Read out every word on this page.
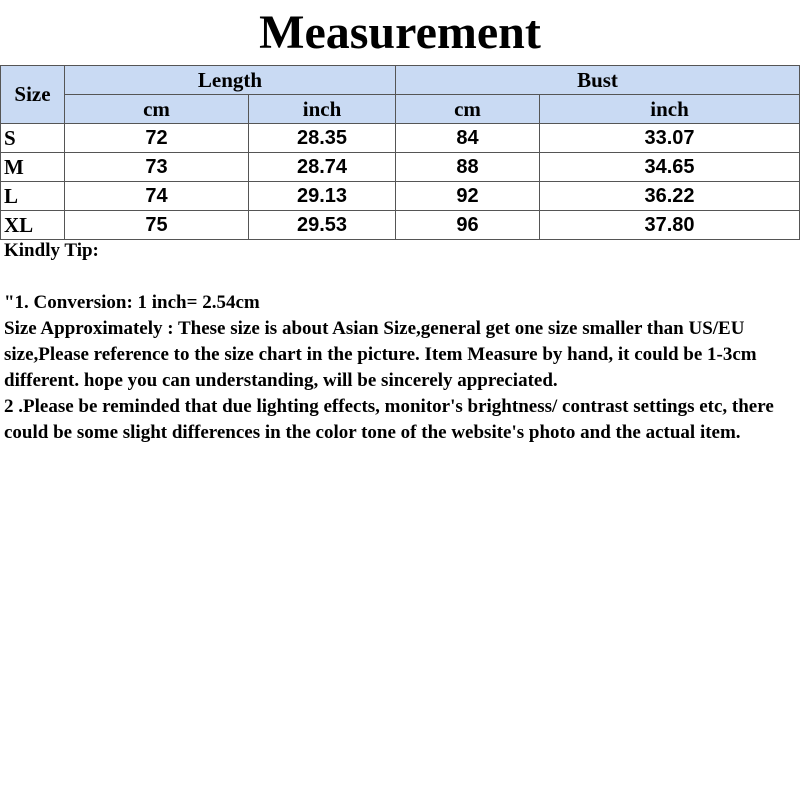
Measurement
Size	Length		Bust	
	cm	inch	cm	inch
S	72	28.35	84	33.07
M	73	28.74	88	34.65
L	74	29.13	92	36.22
XL	75	29.53	96	37.80

Kindly Tip:

"1. Conversion: 1 inch= 2.54cm

Size Approximately : These size is about Asian Size,general get one size smaller than US/EU size,Please reference to the size chart in the picture. Item Measure by hand, it could be 1-3cm different. hope you can understanding, will be sincerely appreciated.

2 .Please be reminded that due lighting effects, monitor's brightness/ contrast settings etc, there could be some slight differences in the color tone of the website's photo and the actual item.
